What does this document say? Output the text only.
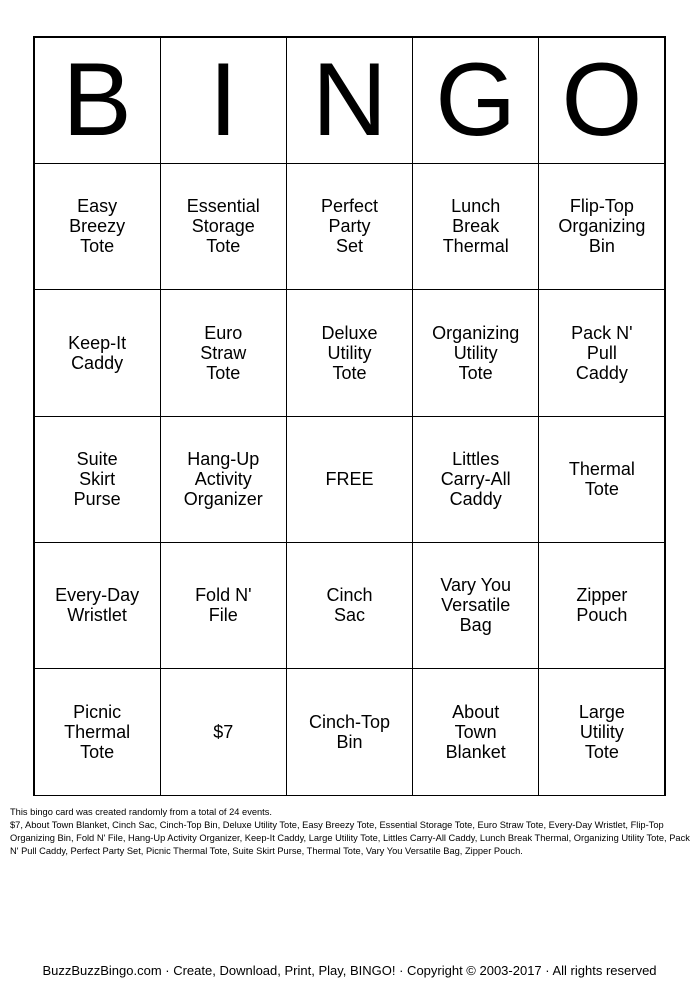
B I N G O
Easy
Breezy
Tote
Essential
Storage
Tote
Perfect
Party
Set
Lunch
Break
Thermal
Flip-Top
Organizing
Bin
Keep-It
Caddy
Euro
Straw
Tote
Deluxe
Utility
Tote
Organizing
Utility
Tote
Pack N'
Pull
Caddy
Suite
Skirt
Purse
Hang-Up
Activity
Organizer
FREE
Littles
Carry-All
Caddy
Thermal
Tote
Every-Day
Wristlet
Fold N'
File
Cinch
Sac
Vary You
Versatile
Bag
Zipper
Pouch
Picnic
Thermal
Tote
$7	Cinch-Top
Bin
About
Town
Blanket
Large
Utility
Tote

This bingo card was created randomly from a total of 24 events.

$7, About Town Blanket, Cinch Sac, Cinch-Top Bin, Deluxe Utility Tote, Easy Breezy Tote, Essential Storage Tote, Euro Straw Tote, Every-Day Wristlet, Flip-Top Organizing Bin, Fold N' File, Hang-Up Activity Organizer, Keep-It Caddy, Large Utility Tote, Littles Carry-All Caddy, Lunch Break Thermal, Organizing Utility Tote, Pack N' Pull Caddy, Perfect Party Set, Picnic Thermal Tote, Suite Skirt Purse, Thermal Tote, Vary You Versatile Bag, Zipper Pouch.

BuzzBuzzBingo.com · Create, Download, Print, Play, BINGO! · Copyright © 2003-2017 · All rights reserved
